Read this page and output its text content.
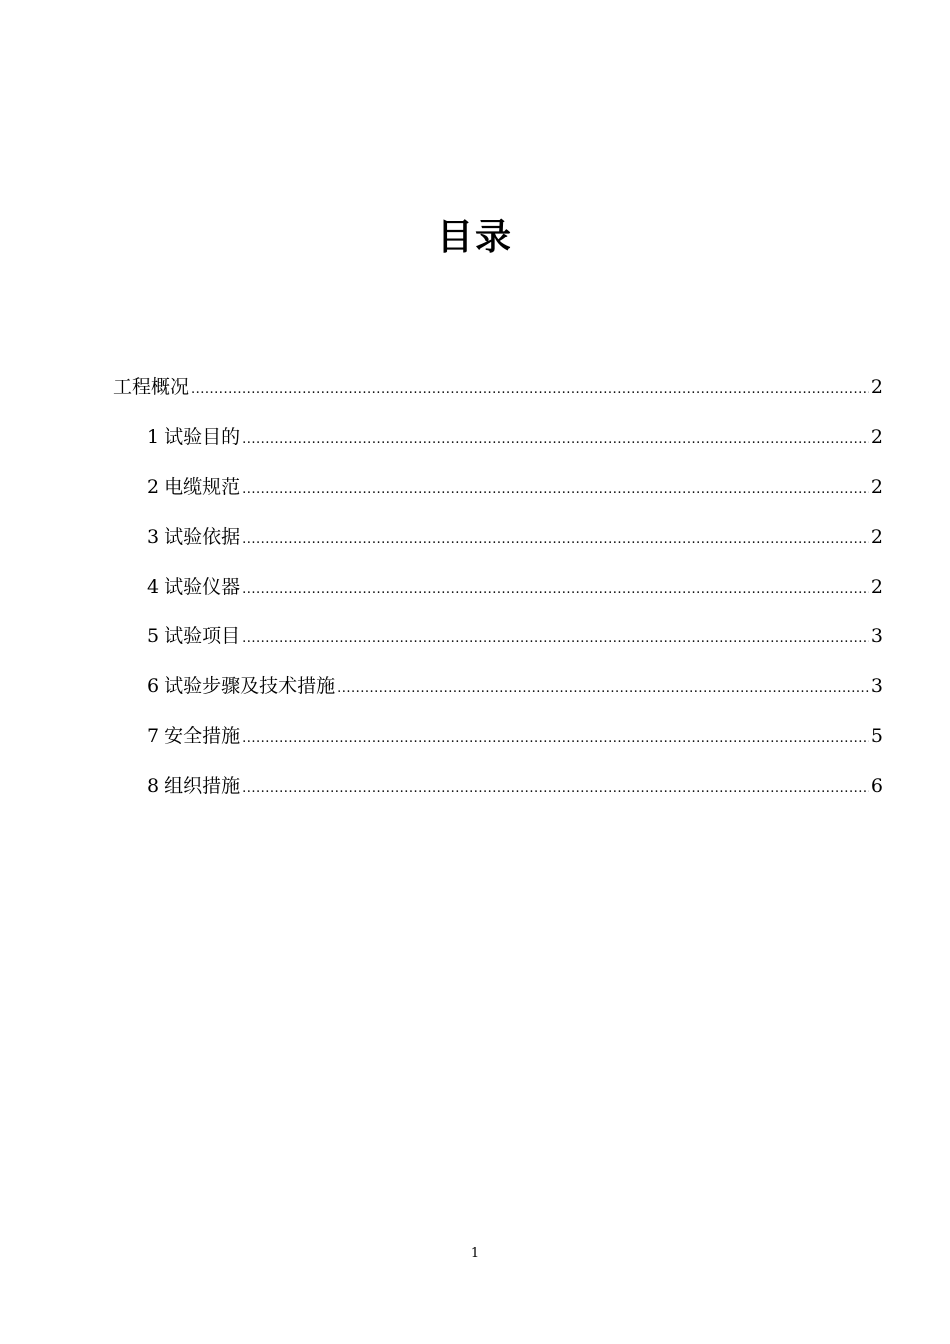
目录
工程概况 .....	2
1 试验目的 .....	2
2 电缆规范 .....	2
3 试验依据 .....	2
4 试验仪器 .....	2
5 试验项目 .....	3
6 试验步骤及技术措施 .....	3
7 安全措施 .....	5
8 组织措施 .....	6
1
